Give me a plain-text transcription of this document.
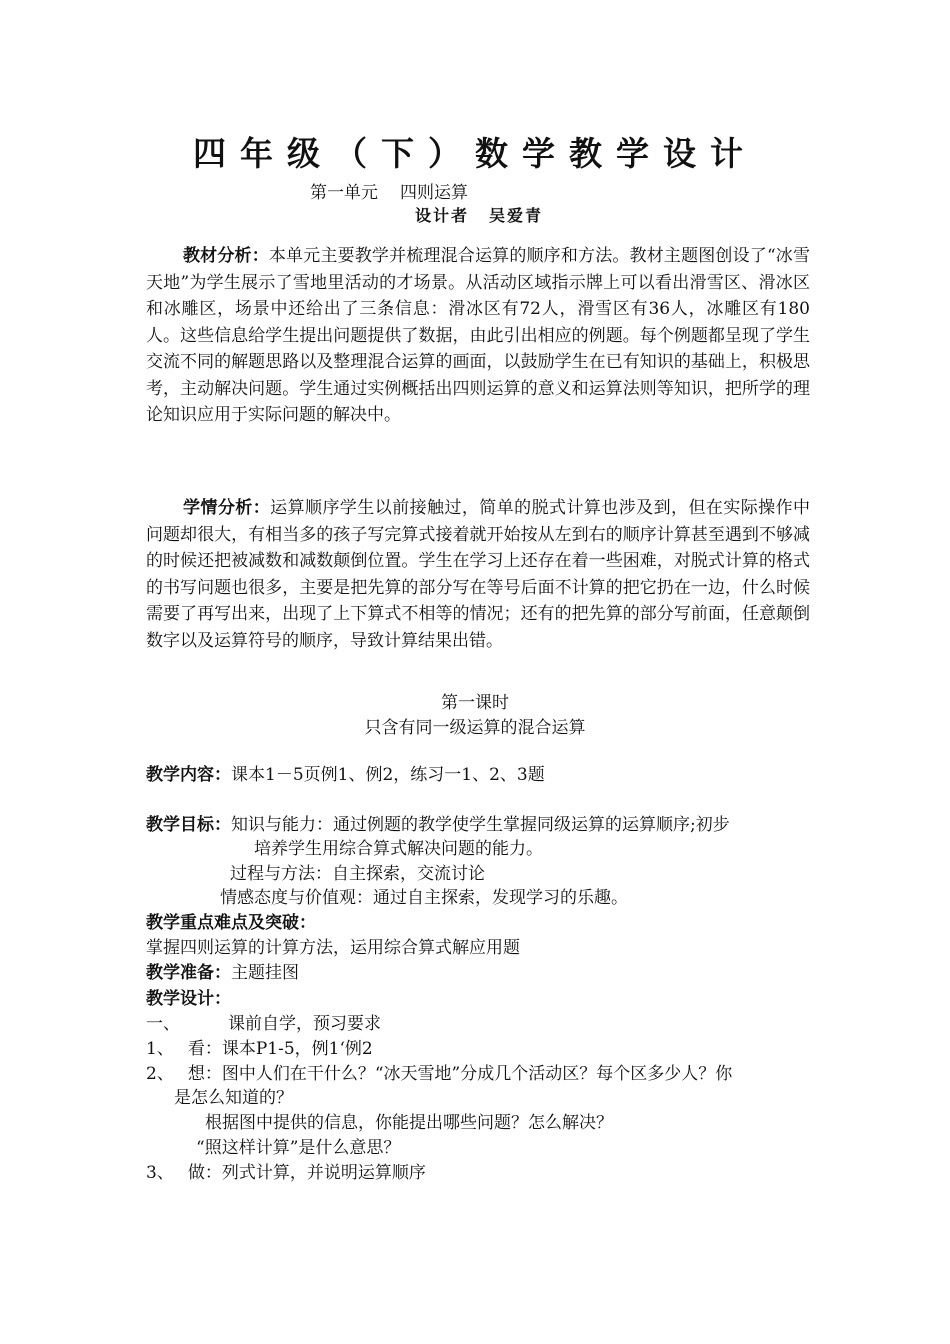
四年级（下）数学教学设计
第一单元 四则运算
设计者 吴爱青
教材分析：本单元主要教学并梳理混合运算的顺序和方法。教材主题图创设了“冰雪天地”为学生展示了雪地里活动的才场景。从活动区域指示牌上可以看出滑雪区、滑冰区和冰雕区，场景中还给出了三条信息：滑冰区有72人，滑雪区有36人，冰雕区有180人。这些信息给学生提出问题提供了数据，由此引出相应的例题。每个例题都呈现了学生交流不同的解题思路以及整理混合运算的画面，以鼓励学生在已有知识的基础上，积极思考，主动解决问题。学生通过实例概括出四则运算的意义和运算法则等知识，把所学的理论知识应用于实际问题的解决中。
学情分析：运算顺序学生以前接触过，简单的脱式计算也涉及到，但在实际操作中问题却很大，有相当多的孩子写完算式接着就开始按从左到右的顺序计算甚至遇到不够减的时候还把被减数和减数颠倒位置。学生在学习上还存在着一些困难，对脱式计算的格式的书写问题也很多，主要是把先算的部分写在等号后面不计算的把它扔在一边，什么时候需要了再写出来，出现了上下算式不相等的情况；还有的把先算的部分写前面，任意颠倒数字以及运算符号的顺序，导致计算结果出错。
第一课时
只含有同一级运算的混合运算
教学内容：课本1－5页例1、例2，练习一1、2、3题
教学目标：知识与能力：通过例题的教学使学生掌握同级运算的运算顺序;初步
培养学生用综合算式解决问题的能力。
过程与方法：自主探索，交流讨论
情感态度与价值观：通过自主探索，发现学习的乐趣。
教学重点难点及突破：
掌握四则运算的计算方法，运用综合算式解应用题
教学准备：主题挂图
教学设计：
一、	课前自学，预习要求
1、 看：课本P1-5，例1‘例2
2、 想：图中人们在干什么？“冰天雪地”分成几个活动区？每个区多少人？你
是怎么知道的？
根据图中提供的信息，你能提出哪些问题？怎么解决？
“照这样计算”是什么意思？
3、 做：列式计算，并说明运算顺序
